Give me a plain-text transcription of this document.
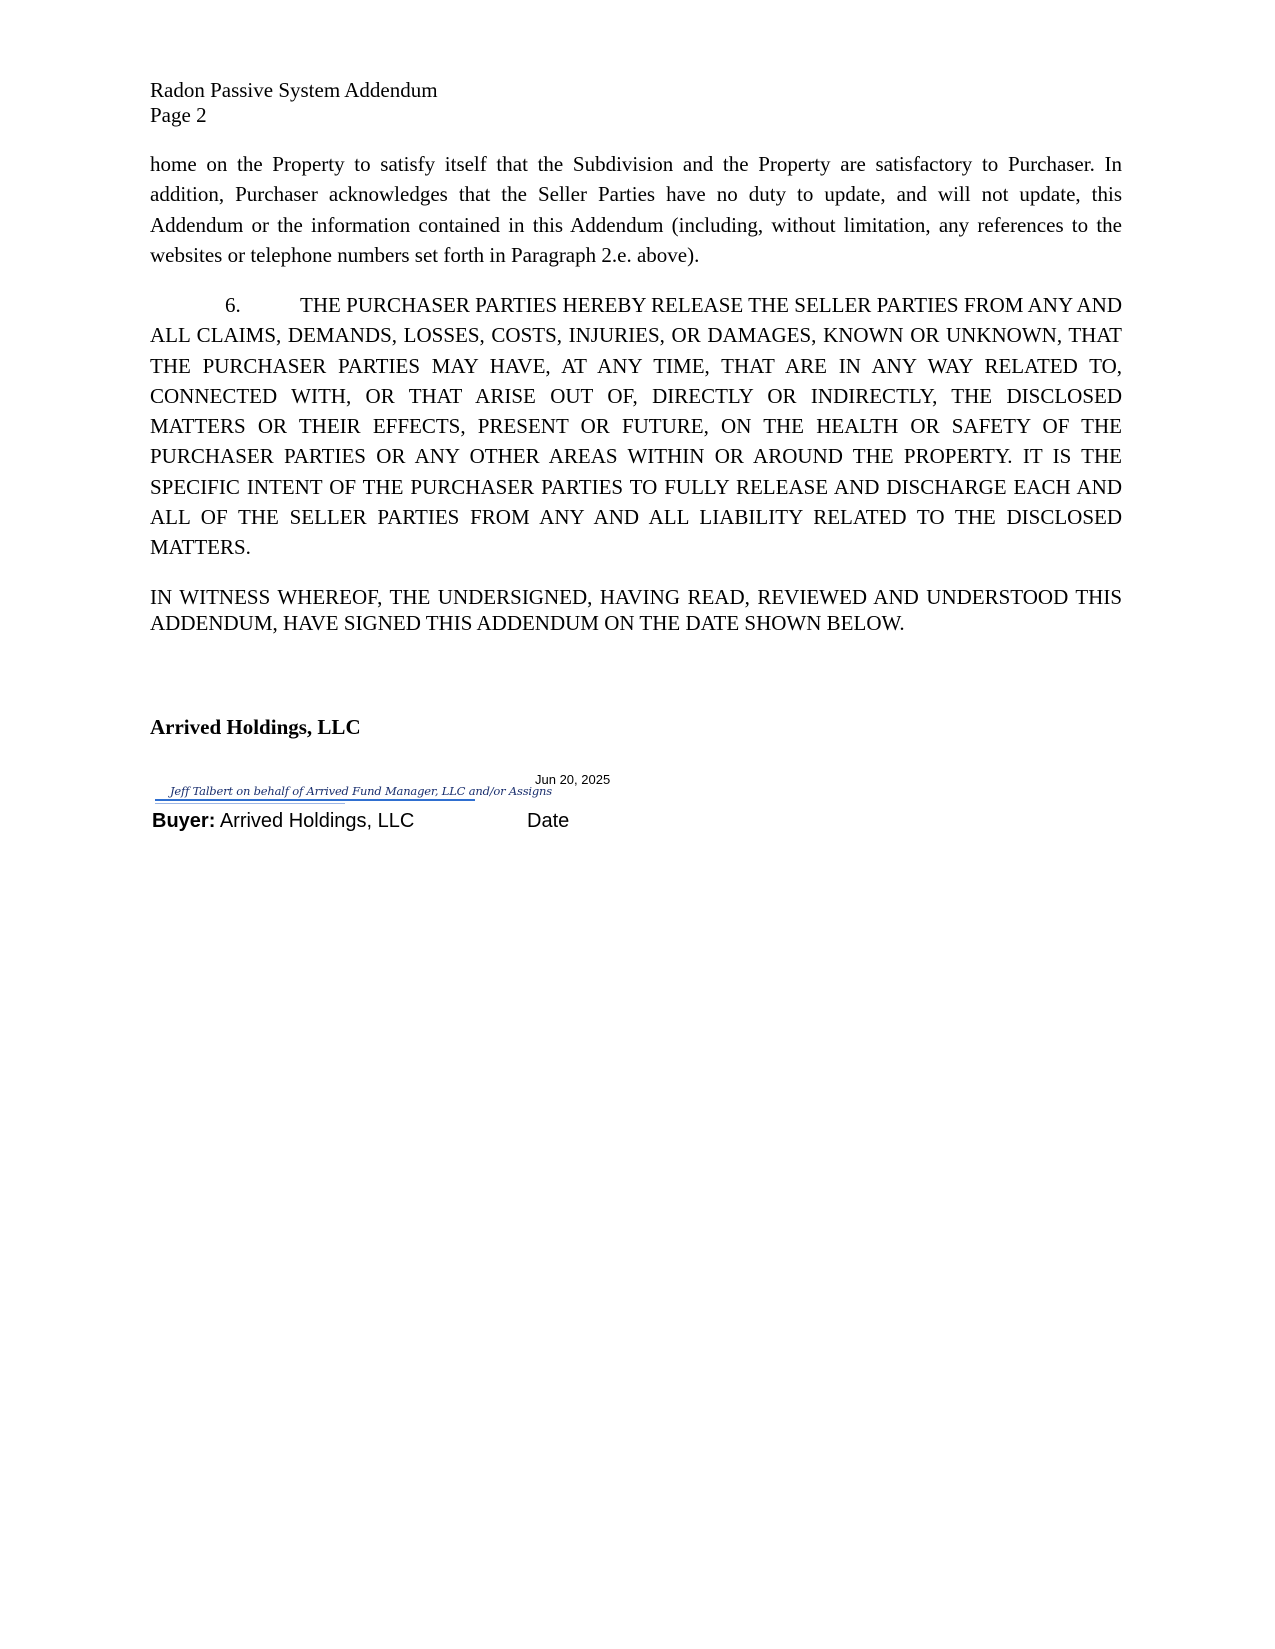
Radon Passive System Addendum
Page 2

home on the Property to satisfy itself that the Subdivision and the Property are satisfactory to Purchaser. In addition, Purchaser acknowledges that the Seller Parties have no duty to update, and will not update, this Addendum or the information contained in this Addendum (including, without limitation, any references to the websites or telephone numbers set forth in Paragraph 2.e. above).

6.	THE PURCHASER PARTIES HEREBY RELEASE THE SELLER PARTIES FROM ANY AND ALL CLAIMS, DEMANDS, LOSSES, COSTS, INJURIES, OR DAMAGES, KNOWN OR UNKNOWN, THAT THE PURCHASER PARTIES MAY HAVE, AT ANY TIME, THAT ARE IN ANY WAY RELATED TO, CONNECTED WITH, OR THAT ARISE OUT OF, DIRECTLY OR INDIRECTLY, THE DISCLOSED MATTERS OR THEIR EFFECTS, PRESENT OR FUTURE, ON THE HEALTH OR SAFETY OF THE PURCHASER PARTIES OR ANY OTHER AREAS WITHIN OR AROUND THE PROPERTY. IT IS THE SPECIFIC INTENT OF THE PURCHASER PARTIES TO FULLY RELEASE AND DISCHARGE EACH AND ALL OF THE SELLER PARTIES FROM ANY AND ALL LIABILITY RELATED TO THE DISCLOSED MATTERS.

IN WITNESS WHEREOF, THE UNDERSIGNED, HAVING READ, REVIEWED AND UNDERSTOOD THIS ADDENDUM, HAVE SIGNED THIS ADDENDUM ON THE DATE SHOWN BELOW.

Arrived Holdings, LLC
Jun 20, 2025
Jeff Talbert on behalf of Arrived Fund Manager, LLC and/or Assigns
Buyer: Arrived Holdings, LLC	Date
